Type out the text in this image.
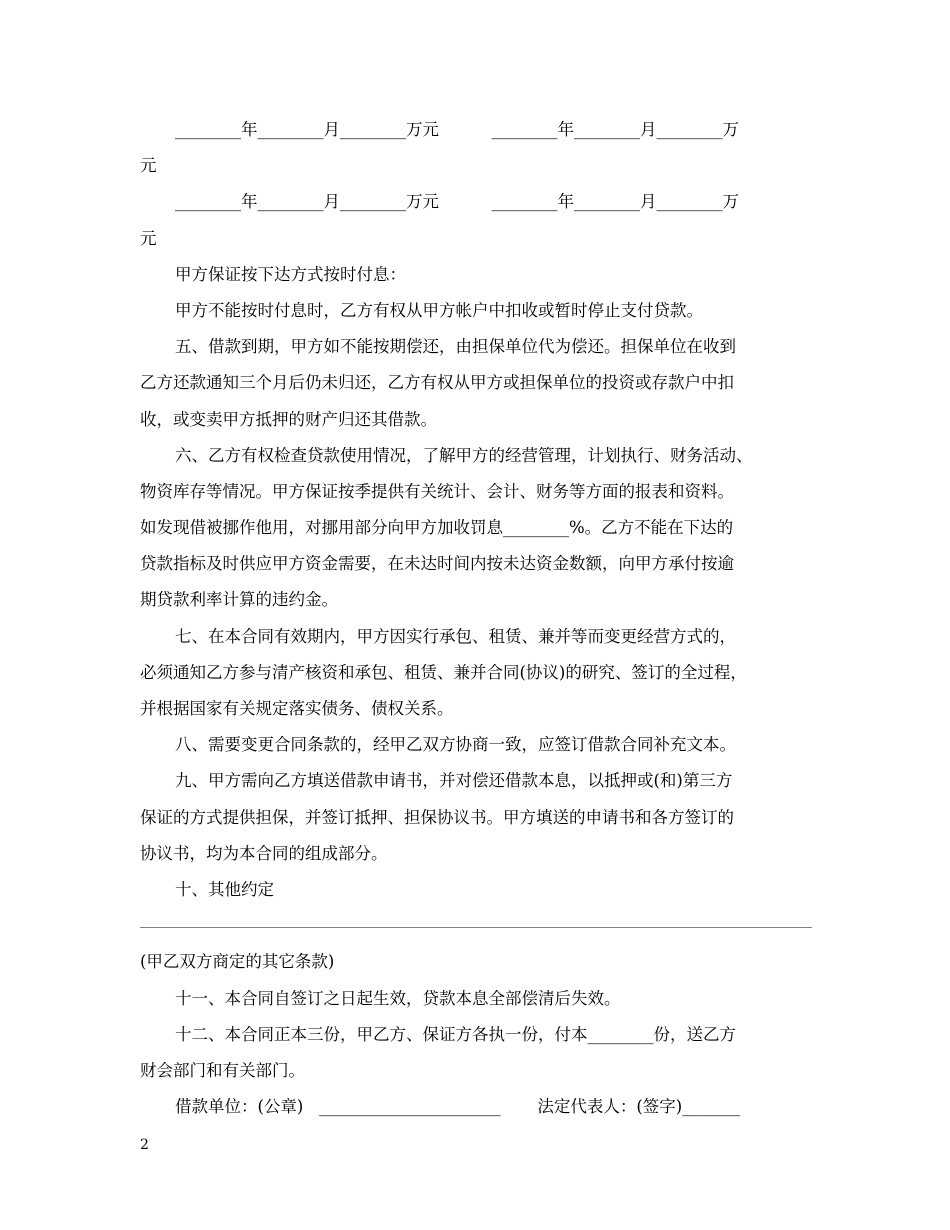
________年________月________万元          ________年________月________万
元
________年________月________万元          ________年________月________万
元
甲方保证按下达方式按时付息：
甲方不能按时付息时，乙方有权从甲方帐户中扣收或暂时停止支付贷款。
五、借款到期，甲方如不能按期偿还，由担保单位代为偿还。担保单位在收到
乙方还款通知三个月后仍未归还，乙方有权从甲方或担保单位的投资或存款户中扣
收，或变卖甲方抵押的财产归还其借款。
六、乙方有权检查贷款使用情况，了解甲方的经营管理，计划执行、财务活动、
物资库存等情况。甲方保证按季提供有关统计、会计、财务等方面的报表和资料。
如发现借被挪作他用，对挪用部分向甲方加收罚息________%。乙方不能在下达的
贷款指标及时供应甲方资金需要，在未达时间内按未达资金数额，向甲方承付按逾
期贷款利率计算的违约金。
七、在本合同有效期内，甲方因实行承包、租赁、兼并等而变更经营方式的，
必须通知乙方参与清产核资和承包、租赁、兼并合同(协议)的研究、签订的全过程，
并根据国家有关规定落实债务、债权关系。
八、需要变更合同条款的，经甲乙双方协商一致，应签订借款合同补充文本。
九、甲方需向乙方填送借款申请书，并对偿还借款本息，以抵押或(和)第三方
保证的方式提供担保，并签订抵押、担保协议书。甲方填送的申请书和各方签订的
协议书，均为本合同的组成部分。
十、其他约定
(甲乙双方商定的其它条款)
十一、本合同自签订之日起生效，贷款本息全部偿清后失效。
十二、本合同正本三份，甲乙方、保证方各执一份，付本________份，送乙方
财会部门和有关部门。
借款单位：(公章) ______________________ 法定代表人：(签字)_______
2
